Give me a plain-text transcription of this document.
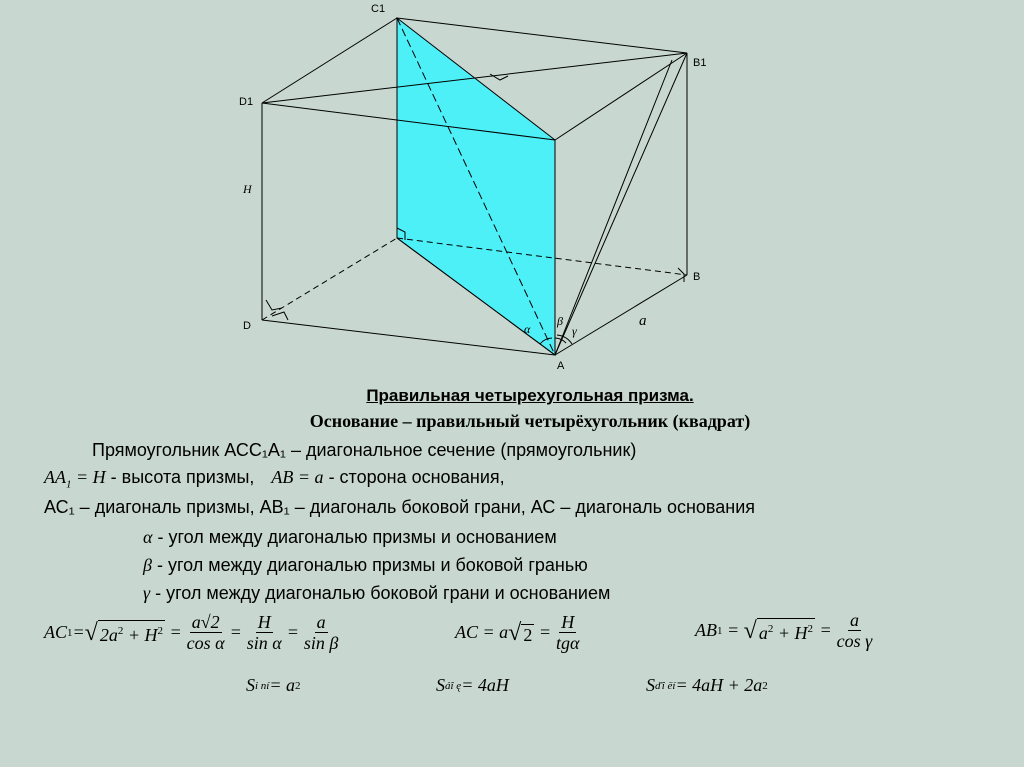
C1
B1
D1
H
D
B
A
a
α
β
γ
Правильная четырехугольная призма.
Основание – правильный четырёхугольник (квадрат)
Прямоугольник АСС₁А₁ – диагональное сечение (прямоугольник)
$AA_1 = H$ - высота призмы, AB = a - сторона основания,
АС₁ – диагональ призмы, АВ₁ – диагональ боковой грани, АС – диагональ основания
α - угол между диагональю призмы и основанием
β - угол между диагональю призмы и боковой гранью
γ - угол между диагональю боковой грани и основанием
AC 1 = √ $2a^2 + H^2 = \frac{a√2}{\text{cos α}} = \frac{H}{\text{sin α}} = \frac{a}{\text{sin β}}$	AC = a √ $2 = \frac{H}{\text{tgα}}$	AB 1 = √ $a^2 + H^2 = \frac{a}{\text{cos γ}}$
S і ní = a 2	S áî ę = 4aH	S ďî ëí = 4aH + 2a 2
